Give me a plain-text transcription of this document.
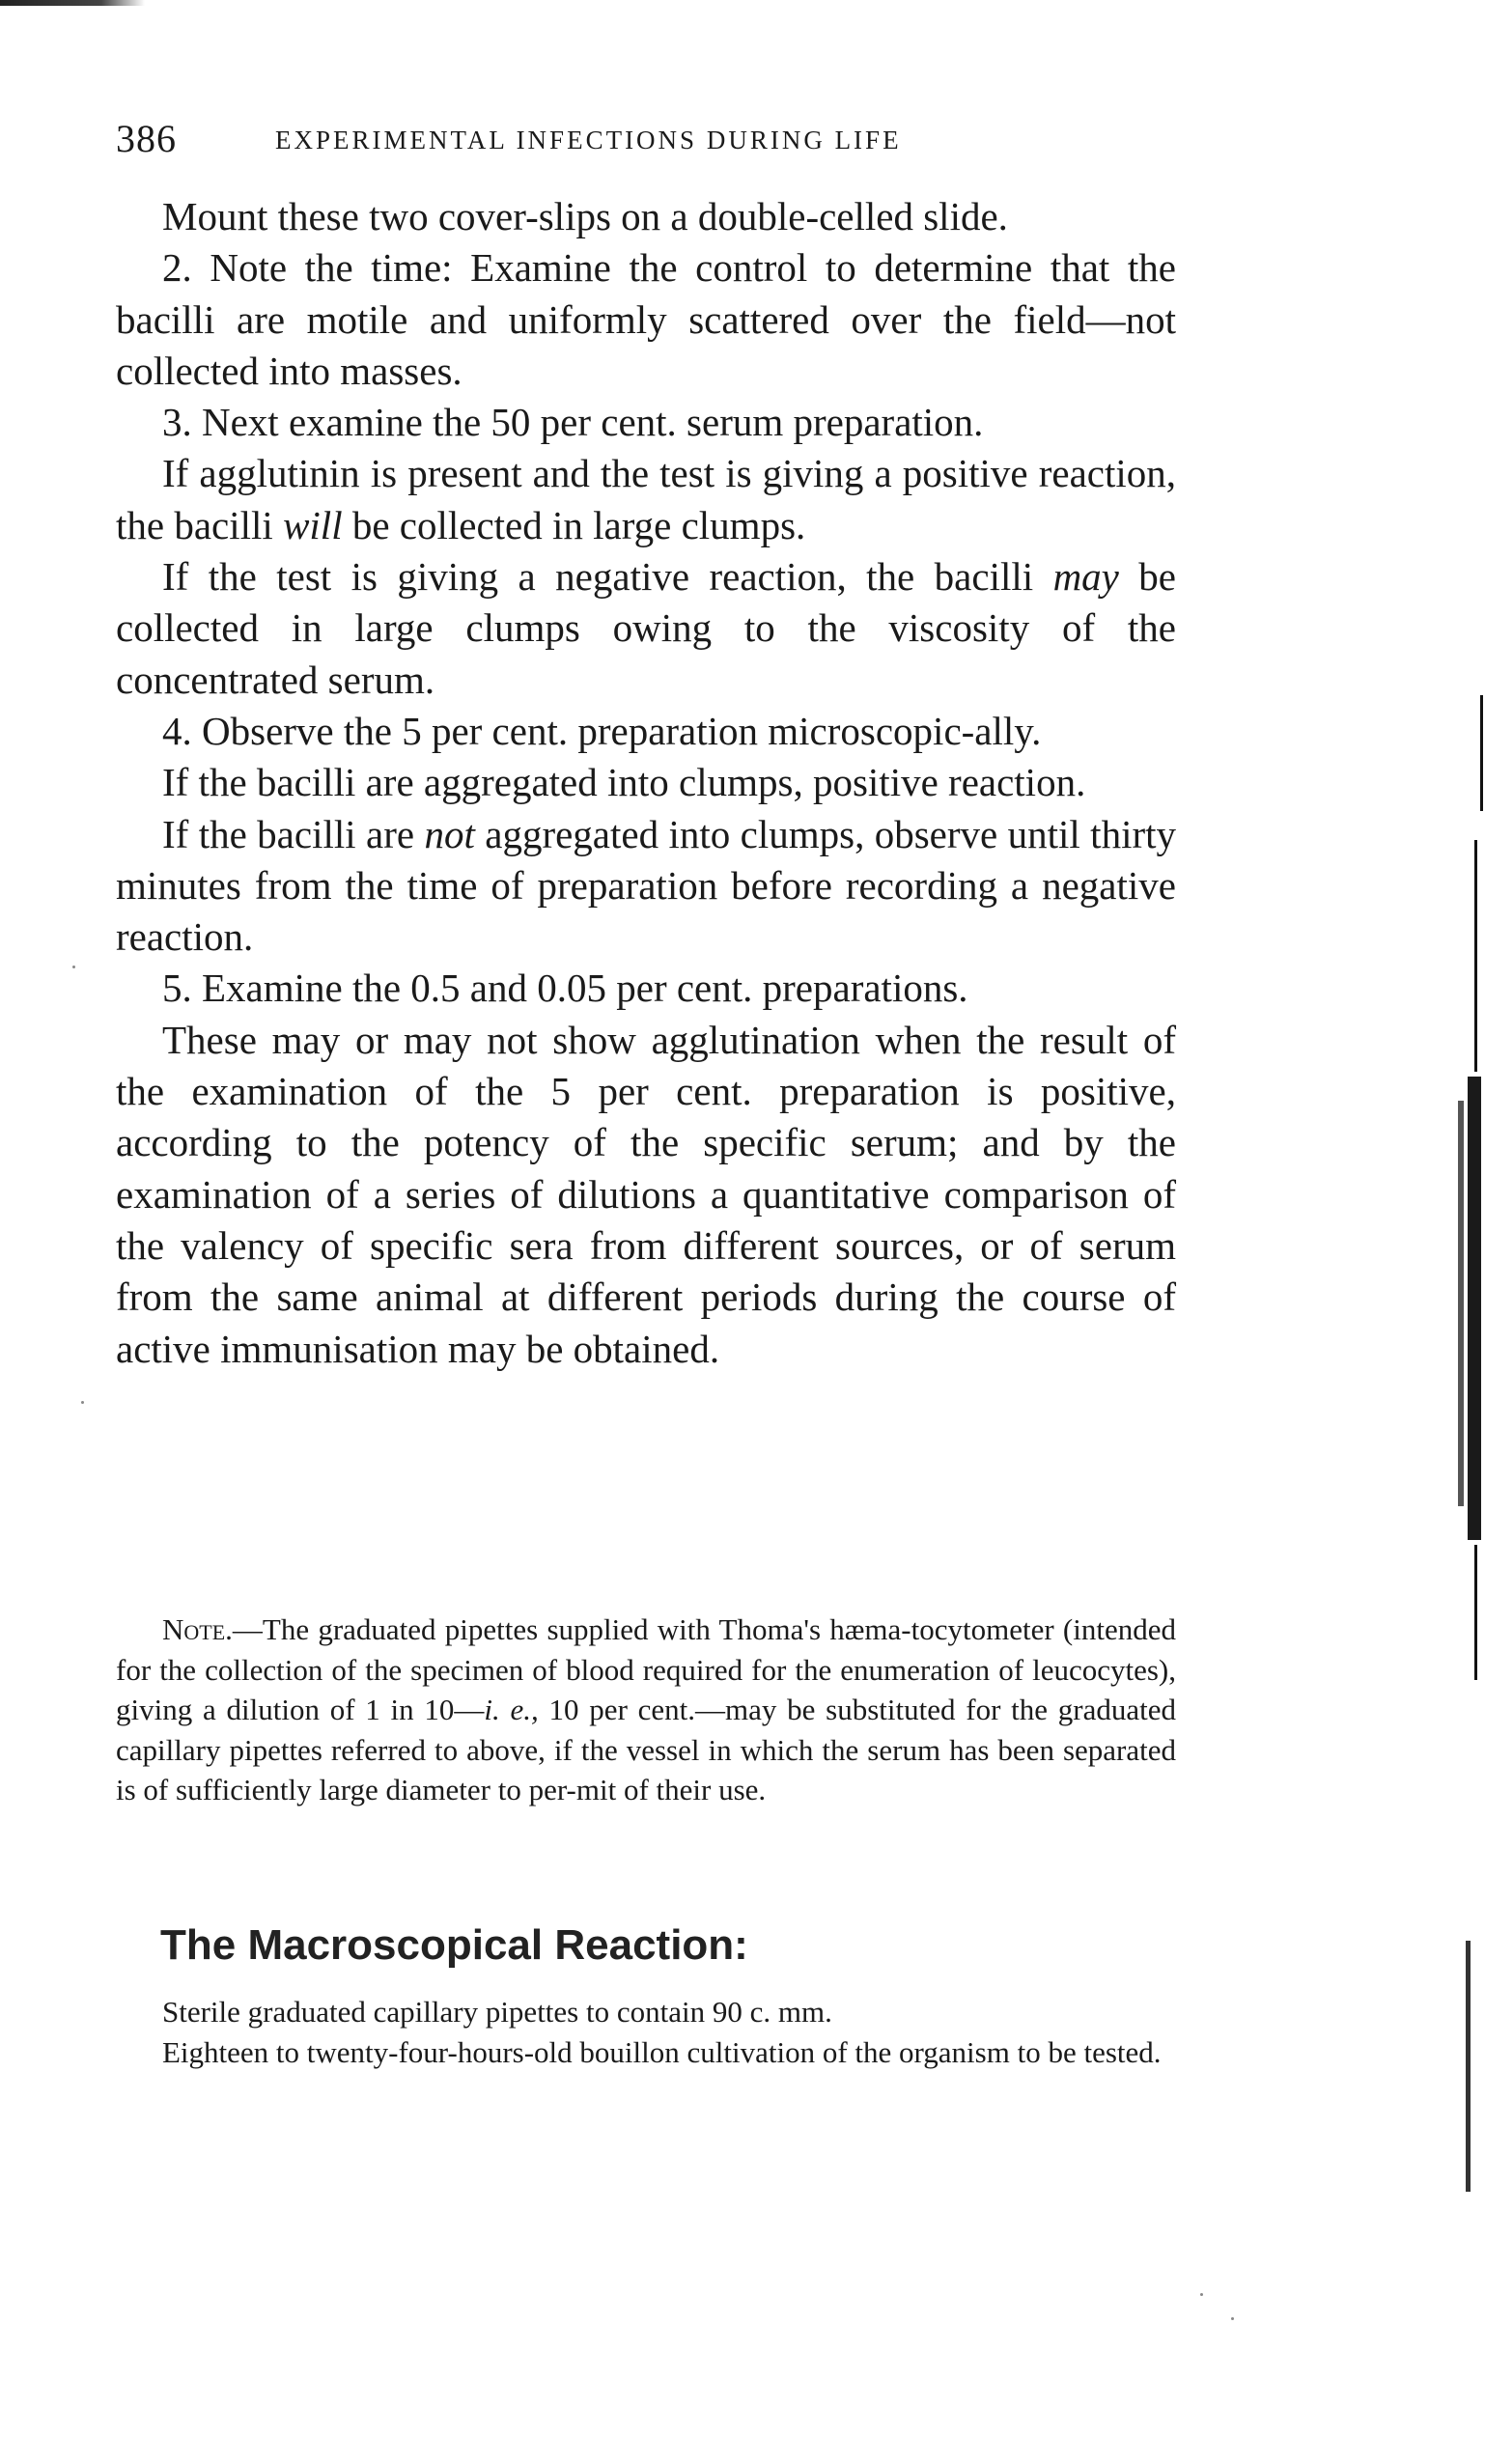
386	EXPERIMENTAL INFECTIONS DURING LIFE

Mount these two cover-slips on a double-celled slide.

2. Note the time: Examine the control to determine that the bacilli are motile and uniformly scattered over the field—not collected into masses.

3. Next examine the 50 per cent. serum preparation.

If agglutinin is present and the test is giving a positive reaction, the bacilli will be collected in large clumps.

If the test is giving a negative reaction, the bacilli may be collected in large clumps owing to the viscosity of the concentrated serum.

4. Observe the 5 per cent. preparation microscopic-ally.

If the bacilli are aggregated into clumps, positive reaction.

If the bacilli are not aggregated into clumps, observe until thirty minutes from the time of preparation before recording a negative reaction.

5. Examine the 0.5 and 0.05 per cent. preparations.

These may or may not show agglutination when the result of the examination of the 5 per cent. preparation is positive, according to the potency of the specific serum; and by the examination of a series of dilutions a quantitative comparison of the valency of specific sera from different sources, or of serum from the same animal at different periods during the course of active immunisation may be obtained.

Note.—The graduated pipettes supplied with Thoma's hæma-tocytometer (intended for the collection of the specimen of blood required for the enumeration of leucocytes), giving a dilution of 1 in 10—i. e., 10 per cent.—may be substituted for the graduated capillary pipettes referred to above, if the vessel in which the serum has been separated is of sufficiently large diameter to per-mit of their use.

The Macroscopical Reaction:

Sterile graduated capillary pipettes to contain 90 c. mm.

Eighteen to twenty-four-hours-old bouillon cultivation of the organism to be tested.
